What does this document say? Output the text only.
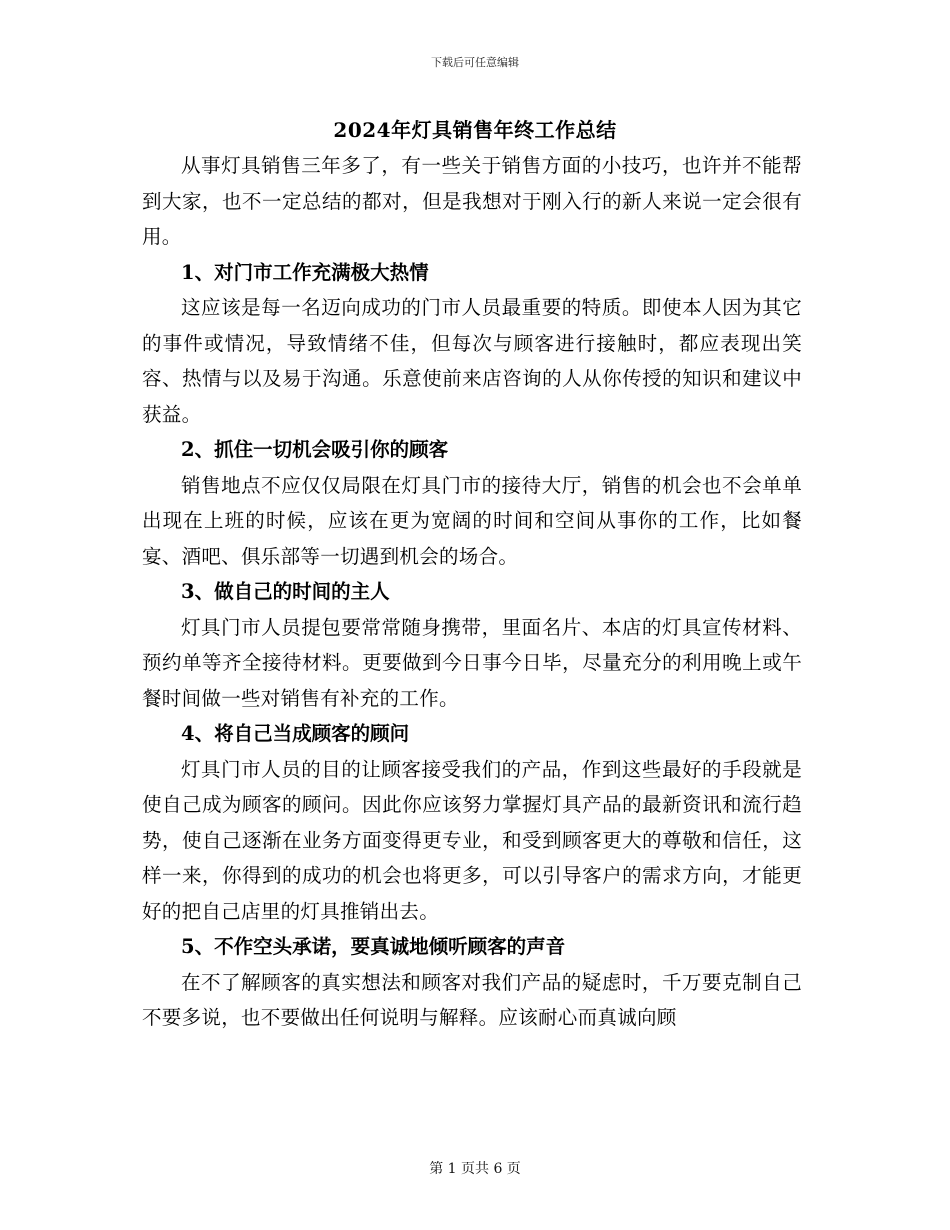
下载后可任意编辑
2024年灯具销售年终工作总结

从事灯具销售三年多了，有一些关于销售方面的小技巧，也许并不能帮到大家，也不一定总结的都对，但是我想对于刚入行的新人来说一定会很有用。

1、对门市工作充满极大热情

这应该是每一名迈向成功的门市人员最重要的特质。即使本人因为其它的事件或情况，导致情绪不佳，但每次与顾客进行接触时，都应表现出笑容、热情与以及易于沟通。乐意使前来店咨询的人从你传授的知识和建议中获益。

2、抓住一切机会吸引你的顾客

销售地点不应仅仅局限在灯具门市的接待大厅，销售的机会也不会单单出现在上班的时候，应该在更为宽阔的时间和空间从事你的工作，比如餐宴、酒吧、俱乐部等一切遇到机会的场合。

3、做自己的时间的主人

灯具门市人员提包要常常随身携带，里面名片、本店的灯具宣传材料、预约单等齐全接待材料。更要做到今日事今日毕，尽量充分的利用晚上或午餐时间做一些对销售有补充的工作。

4、将自己当成顾客的顾问

灯具门市人员的目的让顾客接受我们的产品，作到这些最好的手段就是使自己成为顾客的顾问。因此你应该努力掌握灯具产品的最新资讯和流行趋势，使自己逐渐在业务方面变得更专业，和受到顾客更大的尊敬和信任，这样一来，你得到的成功的机会也将更多，可以引导客户的需求方向，才能更好的把自己店里的灯具推销出去。

5、不作空头承诺，要真诚地倾听顾客的声音

在不了解顾客的真实想法和顾客对我们产品的疑虑时，千万要克制自己不要多说，也不要做出任何说明与解释。应该耐心而真诚向顾

第 1 页共 6 页
